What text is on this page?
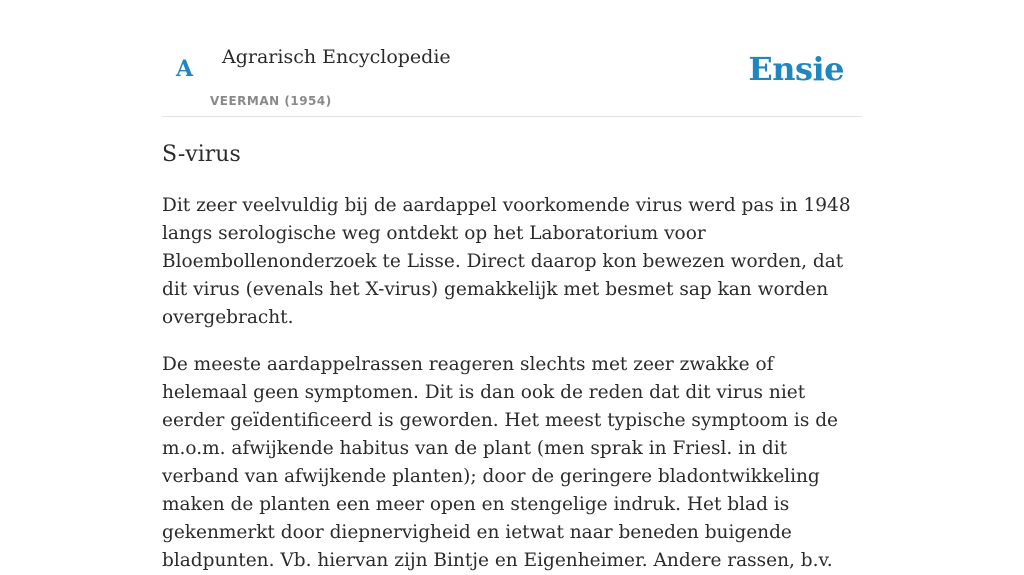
A Agrarisch Encyclopedie
VEERMAN (1954)
Ensie
S-virus

Dit zeer veelvuldig bij de aardappel voorkomende virus werd pas in 1948 langs serologische weg ontdekt op het Laboratorium voor Bloembollenonderzoek te Lisse. Direct daarop kon bewezen worden, dat dit virus (evenals het X-virus) gemakkelijk met besmet sap kan worden overgebracht.

De meeste aardappelrassen reageren slechts met zeer zwakke of helemaal geen symptomen. Dit is dan ook de reden dat dit virus niet eerder geïdentificeerd is geworden. Het meest typische symptoom is de m.o.m. afwijkende habitus van de plant (men sprak in Friesl. in dit verband van afwijkende planten); door de geringere bladontwikkeling maken de planten een meer open en stengelige indruk. Het blad is gekenmerkt door diepnervigheid en ietwat naar beneden buigende bladpunten. Vb. hiervan zijn Bintje en Eigenheimer. Andere rassen, b.v.
